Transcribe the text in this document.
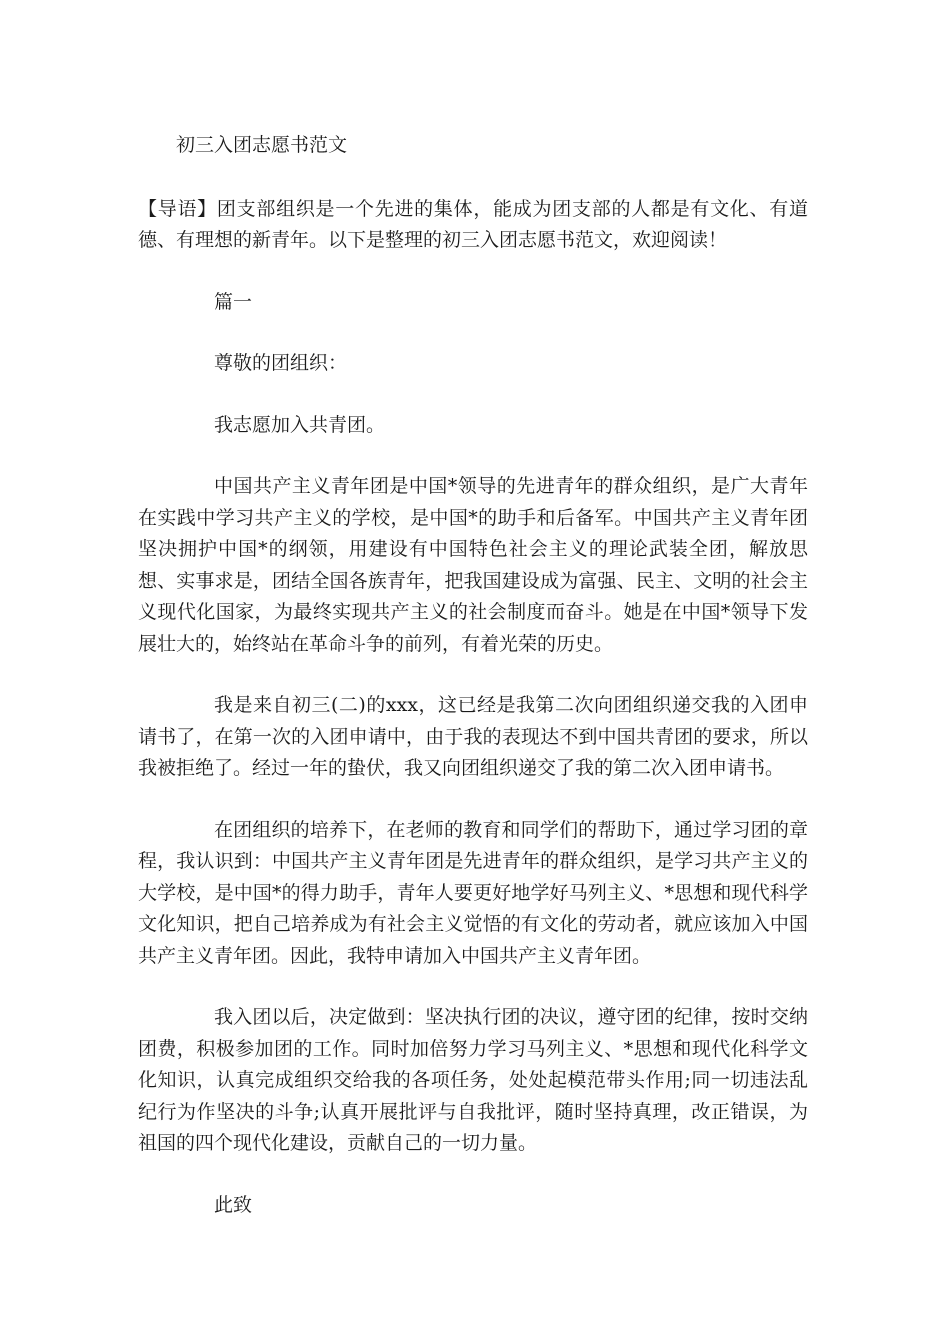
初三入团志愿书范文

【导语】团支部组织是一个先进的集体，能成为团支部的人都是有文化、有道德、有理想的新青年。以下是整理的初三入团志愿书范文，欢迎阅读！

篇一

尊敬的团组织：

我志愿加入共青团。

中国共产主义青年团是中国*领导的先进青年的群众组织，是广大青年在实践中学习共产主义的学校，是中国*的助手和后备军。中国共产主义青年团坚决拥护中国*的纲领，用建设有中国特色社会主义的理论武装全团，解放思想、实事求是，团结全国各族青年，把我国建设成为富强、民主、文明的社会主义现代化国家，为最终实现共产主义的社会制度而奋斗。她是在中国*领导下发展壮大的，始终站在革命斗争的前列，有着光荣的历史。

我是来自初三(二)的xxx，这已经是我第二次向团组织递交我的入团申请书了，在第一次的入团申请中，由于我的表现达不到中国共青团的要求，所以我被拒绝了。经过一年的蛰伏，我又向团组织递交了我的第二次入团申请书。

在团组织的培养下，在老师的教育和同学们的帮助下，通过学习团的章程，我认识到：中国共产主义青年团是先进青年的群众组织，是学习共产主义的大学校，是中国*的得力助手，青年人要更好地学好马列主义、*思想和现代科学文化知识，把自己培养成为有社会主义觉悟的有文化的劳动者，就应该加入中国共产主义青年团。因此，我特申请加入中国共产主义青年团。

我入团以后，决定做到：坚决执行团的决议，遵守团的纪律，按时交纳团费，积极参加团的工作。同时加倍努力学习马列主义、*思想和现代化科学文化知识，认真完成组织交给我的各项任务，处处起模范带头作用;同一切违法乱纪行为作坚决的斗争;认真开展批评与自我批评，随时坚持真理，改正错误，为祖国的四个现代化建设，贡献自己的一切力量。

此致
